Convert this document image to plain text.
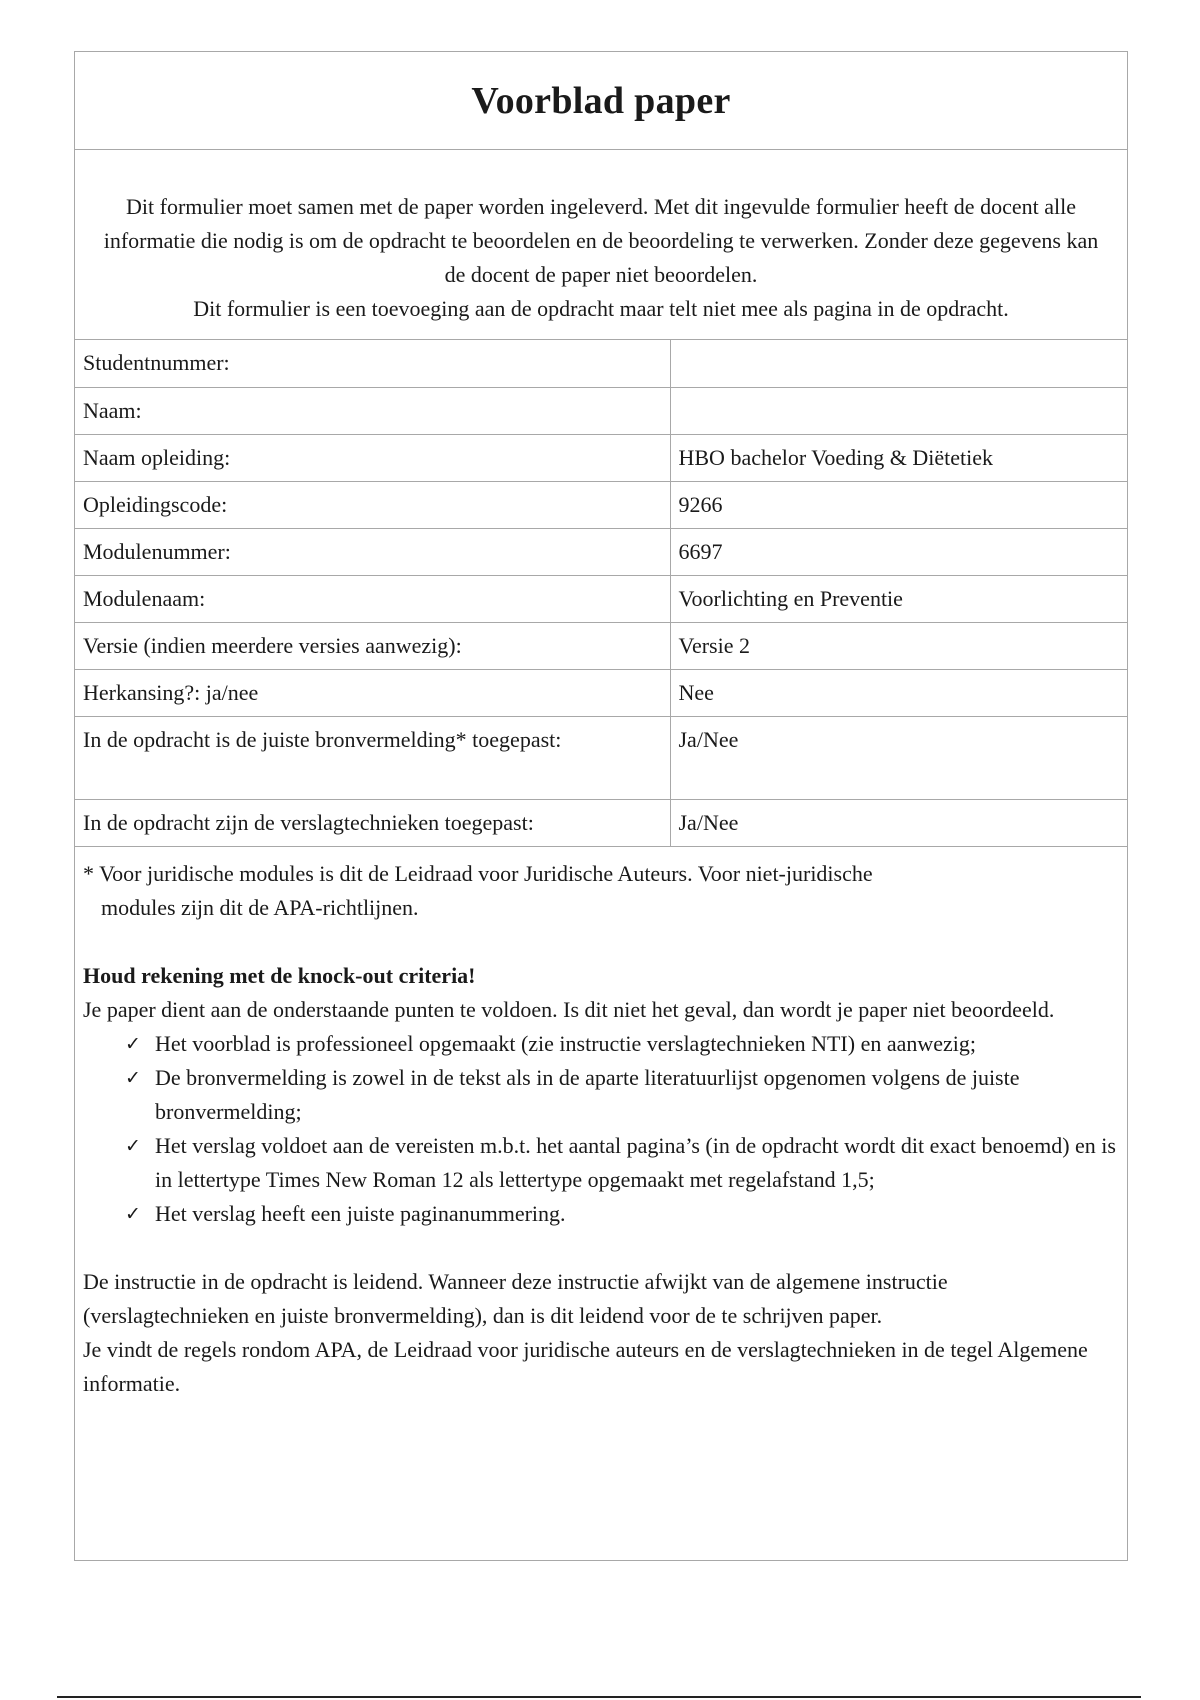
Voorblad paper

Dit formulier moet samen met de paper worden ingeleverd. Met dit ingevulde formulier heeft de docent alle informatie die nodig is om de opdracht te beoordelen en de beoordeling te verwerken. Zonder deze gegevens kan de docent de paper niet beoordelen.

Dit formulier is een toevoeging aan de opdracht maar telt niet mee als pagina in de opdracht.

Studentnummer:	

Naam:	

Naam opleiding:	HBO bachelor Voeding & Diëtetiek

Opleidingscode:	9266

Modulenummer:	6697

Modulenaam:	Voorlichting en Preventie

Versie (indien meerdere versies aanwezig):	Versie 2

Herkansing?: ja/nee	Nee

In de opdracht is de juiste bronvermelding* toegepast:	Ja/Nee

In de opdracht zijn de verslagtechnieken toegepast:	Ja/Nee

* Voor juridische modules is dit de Leidraad voor Juridische Auteurs. Voor niet-juridische
modules zijn dit de APA-richtlijnen.

Houd rekening met de knock-out criteria!

Je paper dient aan de onderstaande punten te voldoen. Is dit niet het geval, dan wordt je paper niet beoordeeld.

✓ Het voorblad is professioneel opgemaakt (zie instructie verslagtechnieken NTI) en aanwezig;
✓ De bronvermelding is zowel in de tekst als in de aparte literatuurlijst opgenomen volgens de juiste bronvermelding;
✓ Het verslag voldoet aan de vereisten m.b.t. het aantal pagina’s (in de opdracht wordt dit exact benoemd) en is in lettertype Times New Roman 12 als lettertype opgemaakt met regelafstand 1,5;
✓ Het verslag heeft een juiste paginanummering.

De instructie in de opdracht is leidend. Wanneer deze instructie afwijkt van de algemene instructie (verslagtechnieken en juiste bronvermelding), dan is dit leidend voor de te schrijven paper.
Je vindt de regels rondom APA, de Leidraad voor juridische auteurs en de verslagtechnieken in de tegel Algemene informatie.
